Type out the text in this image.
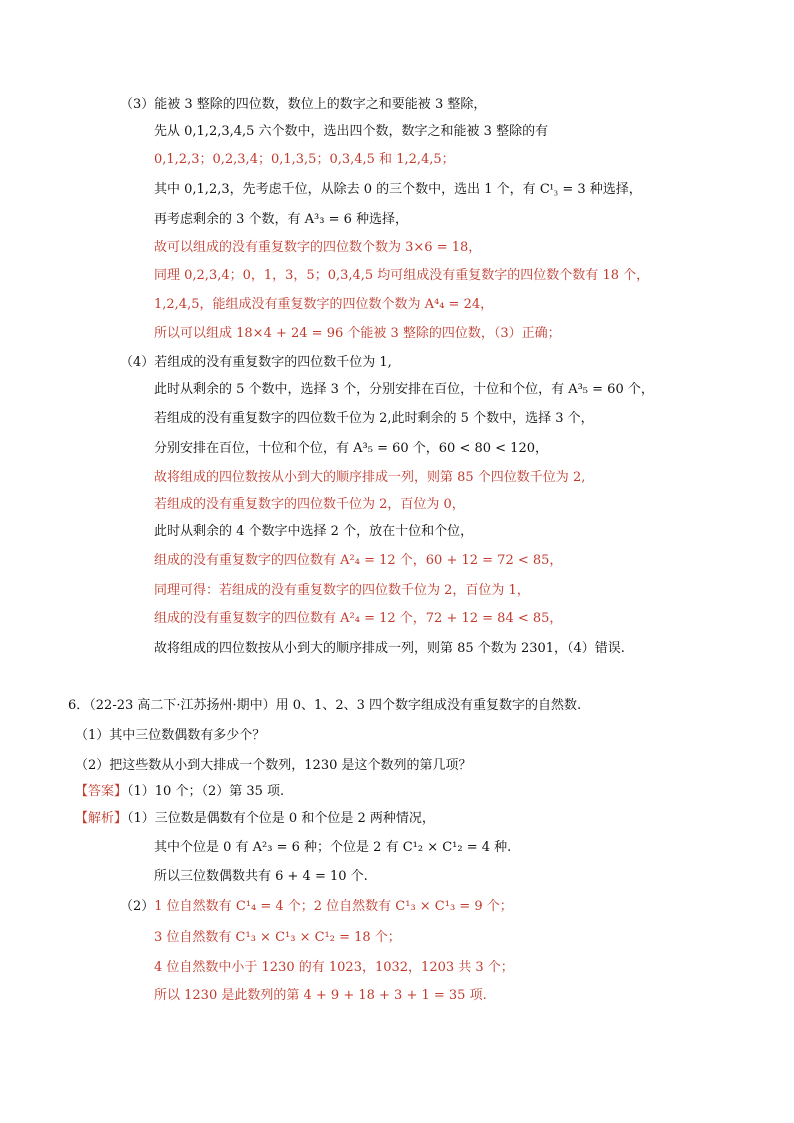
（3）能被 3 整除的四位数，数位上的数字之和要能被 3 整除，
先从 0,1,2,3,4,5 六个数中，选出四个数，数字之和能被 3 整除的有
0,1,2,3；0,2,3,4；0,1,3,5；0,3,4,5 和 1,2,4,5；
其中 0,1,2,3，先考虑千位，从除去 0 的三个数中，选出 1 个，有 C¹₃ = 3 种选择，
再考虑剩余的 3 个数，有 A³₃ = 6 种选择，
故可以组成的没有重复数字的四位数个数为 3×6 = 18，
同理 0,2,3,4；0，1，3，5；0,3,4,5 均可组成没有重复数字的四位数个数有 18 个，
1,2,4,5，能组成没有重复数字的四位数个数为 A⁴₄ = 24，
所以可以组成 18×4 + 24 = 96 个能被 3 整除的四位数，（3）正确；
（4）若组成的没有重复数字的四位数千位为 1,
此时从剩余的 5 个数中，选择 3 个，分别安排在百位，十位和个位，有 A³₅ = 60 个，
若组成的没有重复数字的四位数千位为 2,此时剩余的 5 个数中，选择 3 个，
分别安排在百位，十位和个位，有 A³₅ = 60 个，60 < 80 < 120，
故将组成的四位数按从小到大的顺序排成一列，则第 85 个四位数千位为 2,
若组成的没有重复数字的四位数千位为 2，百位为 0，
此时从剩余的 4 个数字中选择 2 个，放在十位和个位，
组成的没有重复数字的四位数有 A²₄ = 12 个，60 + 12 = 72 < 85，
同理可得：若组成的没有重复数字的四位数千位为 2，百位为 1，
组成的没有重复数字的四位数有 A²₄ = 12 个，72 + 12 = 84 < 85，
故将组成的四位数按从小到大的顺序排成一列，则第 85 个数为 2301，（4）错误.
6．（22-23 高二下·江苏扬州·期中）用 0、1、2、3 四个数字组成没有重复数字的自然数.
（1）其中三位数偶数有多少个？
（2）把这些数从小到大排成一个数列，1230 是这个数列的第几项？
【答案】（1）10 个；（2）第 35 项.
【解析】（1）三位数是偶数有个位是 0 和个位是 2 两种情况，
其中个位是 0 有 A²₃ = 6 种；个位是 2 有 C¹₂ × C¹₂ = 4 种.
所以三位数偶数共有 6 + 4 = 10 个.
（2）1 位自然数有 C¹₄ = 4 个；2 位自然数有 C¹₃ × C¹₃ = 9 个；
3 位自然数有 C¹₃ × C¹₃ × C¹₂ = 18 个；
4 位自然数中小于 1230 的有 1023，1032，1203 共 3 个；
所以 1230 是此数列的第 4 + 9 + 18 + 3 + 1 = 35 项.
